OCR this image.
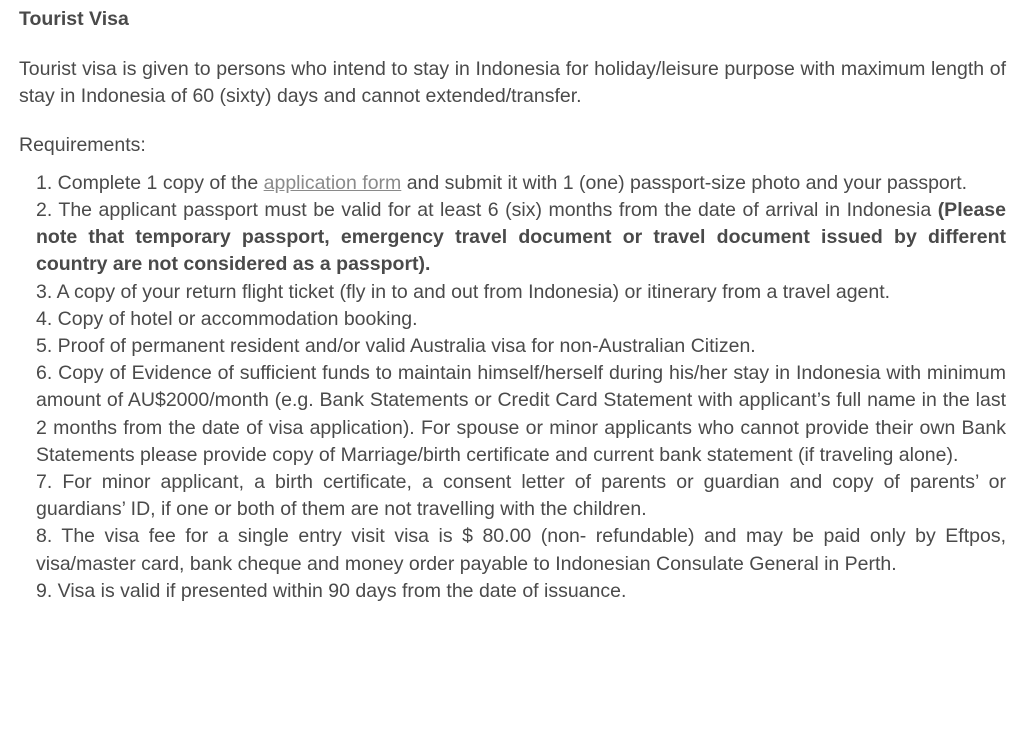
Tourist Visa
Tourist visa is given to persons who intend to stay in Indonesia for holiday/leisure purpose with maximum length of stay in Indonesia of 60 (sixty) days and cannot extended/transfer.
Requirements:
1. Complete 1 copy of the application form and submit it with 1 (one) passport-size photo and your passport.
2. The applicant passport must be valid for at least 6 (six) months from the date of arrival in Indonesia (Please note that temporary passport, emergency travel document or travel document issued by different country are not considered as a passport).
3. A copy of your return flight ticket (fly in to and out from Indonesia) or itinerary from a travel agent.
4. Copy of hotel or accommodation booking.
5. Proof of permanent resident and/or valid Australia visa for non-Australian Citizen.
6. Copy of Evidence of sufficient funds to maintain himself/herself during his/her stay in Indonesia with minimum amount of AU$2000/month (e.g. Bank Statements or Credit Card Statement with applicant’s full name in the last 2 months from the date of visa application). For spouse or minor applicants who cannot provide their own Bank Statements please provide copy of Marriage/birth certificate and current bank statement (if traveling alone).
7. For minor applicant, a birth certificate, a consent letter of parents or guardian and copy of parents’ or guardians’ ID, if one or both of them are not travelling with the children.
8. The visa fee for a single entry visit visa is $ 80.00 (non- refundable) and may be paid only by Eftpos, visa/master card, bank cheque and money order payable to Indonesian Consulate General in Perth.
9. Visa is valid if presented within 90 days from the date of issuance.
